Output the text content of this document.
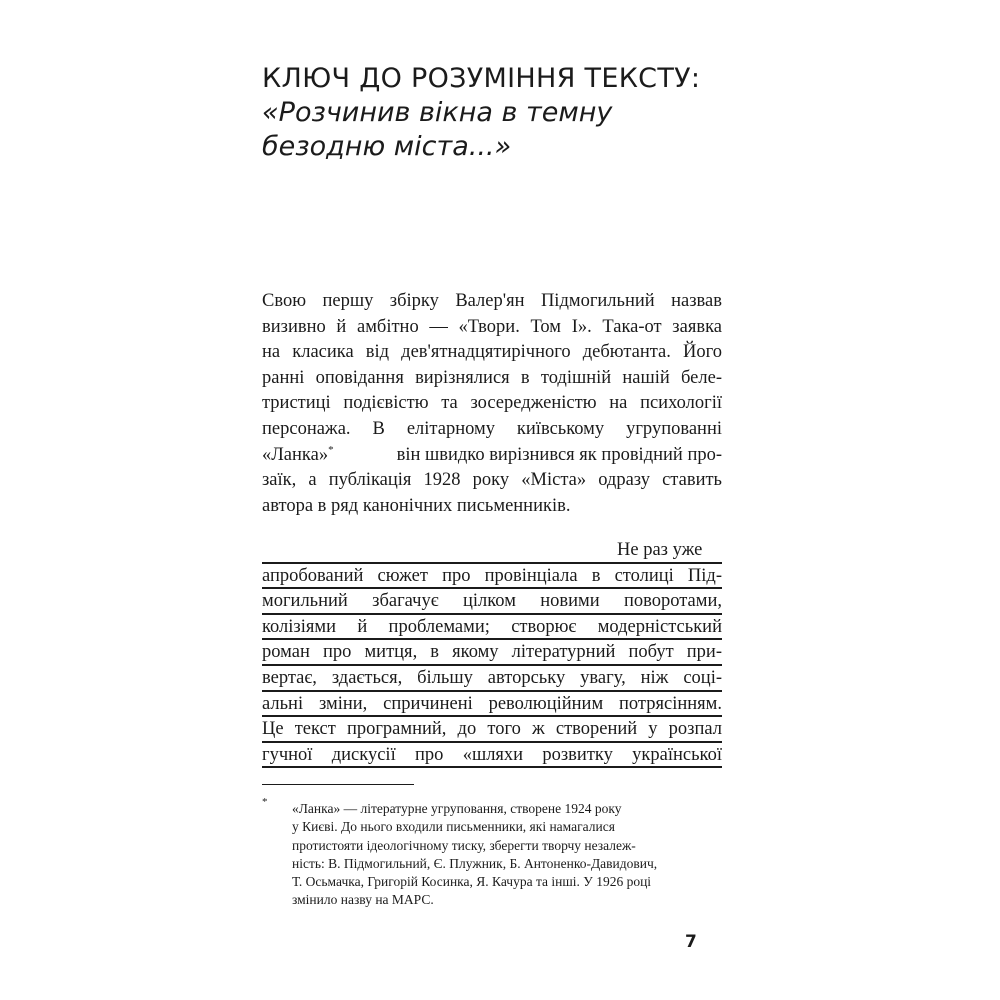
КЛЮЧ ДО РОЗУМІННЯ ТЕКСТУ:
«Розчинив вікна в темну
безодню міста...»
Свою першу збірку Валер'ян Підмогильний назвав
визивно й амбітно — «Твори. Том I». Така-от заявка
на класика від дев'ятнадцятирічного дебютанта. Його
ранні оповідання вирізнялися в тодішній нашій беле-
тристиці подієвістю та зосередженістю на психології
персонажа. В елітарному київському угрупованні
«Ланка»*	він швидко вирізнився як провідний про-
заїк, а публікація 1928 року «Міста» одразу ставить
автора в ряд канонічних письменників.
Не раз уже
апробований сюжет про провінціала в столиці Під-
могильний збагачує цілком новими поворотами,
колізіями й проблемами; створює модерністський
роман про митця, в якому літературний побут при-
вертає, здається, більшу авторську увагу, ніж соці-
альні зміни, спричинені революційним потрясінням.
Це текст програмний, до того ж створений у розпал
гучної дискусії про «шляхи розвитку української
* «Ланка» — літературне угруповання, створене 1924 року
у Києві. До нього входили письменники, які намагалися
протистояти ідеологічному тиску, зберегти творчу незалеж-
ність: В. Підмогильний, Є. Плужник, Б. Антоненко-Давидович,
Т. Осьмачка, Григорій Косинка, Я. Качура та інші. У 1926 році
змінило назву на МАРС.
7
